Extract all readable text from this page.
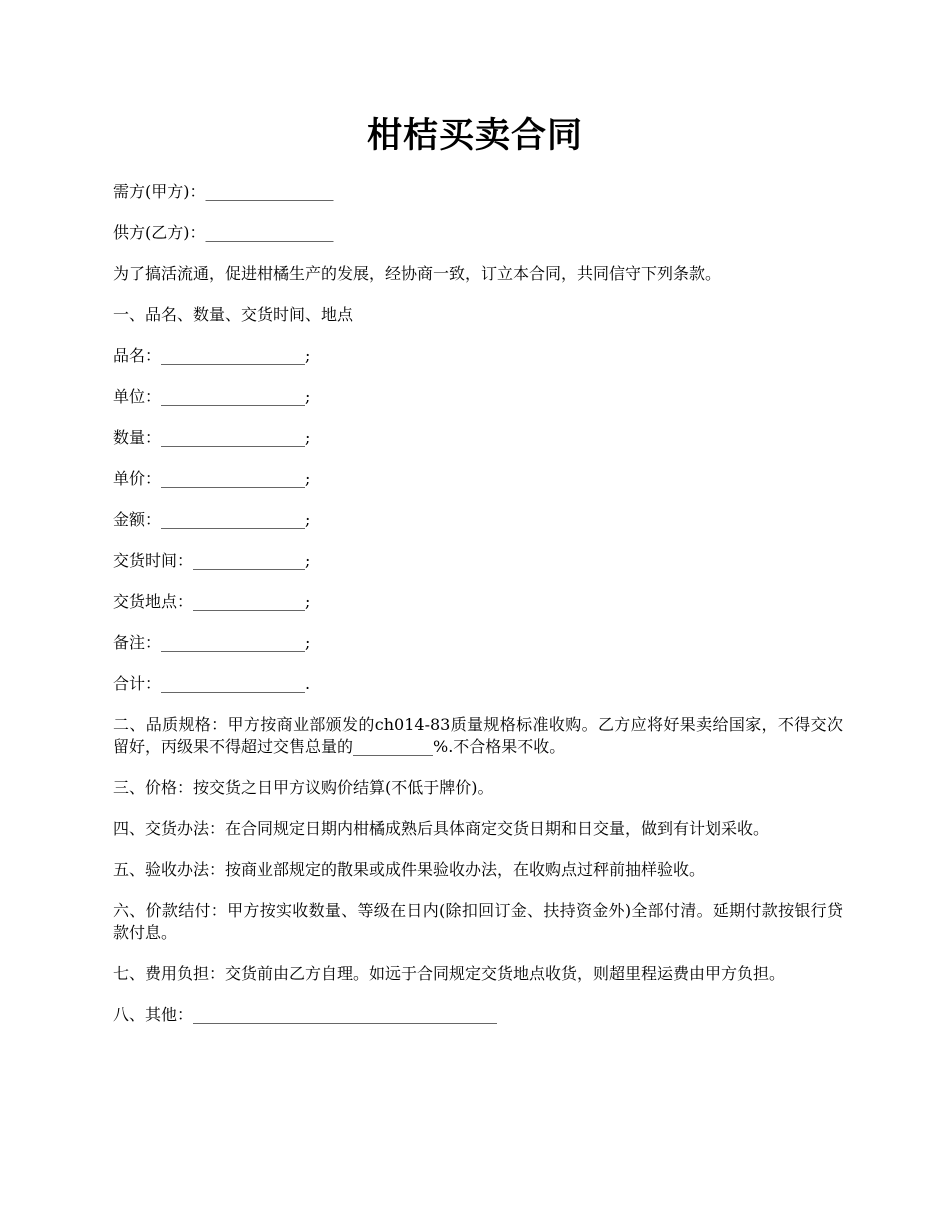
柑桔买卖合同

需方(甲方)：________________

供方(乙方)：________________

为了搞活流通，促进柑橘生产的发展，经协商一致，订立本合同，共同信守下列条款。

一、品名、数量、交货时间、地点

品名：__________________;

单位：__________________;

数量：__________________;

单价：__________________;

金额：__________________;

交货时间：______________;

交货地点：______________;

备注：__________________;

合计：__________________.

二、品质规格：甲方按商业部颁发的ch014-83质量规格标准收购。乙方应将好果卖给国家，不得交次留好，丙级果不得超过交售总量的__________%.不合格果不收。

三、价格：按交货之日甲方议购价结算(不低于牌价)。

四、交货办法：在合同规定日期内柑橘成熟后具体商定交货日期和日交量，做到有计划采收。

五、验收办法：按商业部规定的散果或成件果验收办法，在收购点过秤前抽样验收。

六、价款结付：甲方按实收数量、等级在日内(除扣回订金、扶持资金外)全部付清。延期付款按银行贷款付息。

七、费用负担：交货前由乙方自理。如远于合同规定交货地点收货，则超里程运费由甲方负担。

八、其他：______________________________________
